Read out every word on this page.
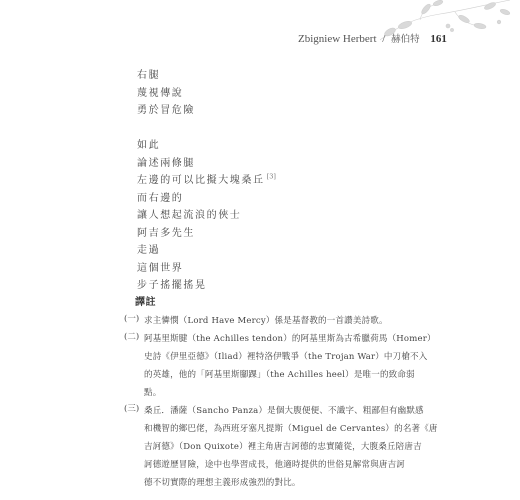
Zbigniew Herbert / 赫伯特 161
右腿
蔑視傳說
勇於冒危險
如此
論述兩條腿
左邊的可以比擬大塊桑丘 [3]
而右邊的
讓人想起流浪的俠士
阿吉多先生
走過
這個世界
步子搖擺搖晃
譯註
(一) 求主憐憫（Lord Have Mercy）係是基督教的一首讚美詩歌。
(二) 阿基里斯腱（the Achilles tendon）的阿基里斯為古希臘荷馬（Homer）
史詩《伊里亞德》（Iliad）裡特洛伊戰爭（the Trojan War）中刀槍不入
的英雄，他的「阿基里斯腳踝」（the Achilles heel）是唯一的致命弱
點。
(三) 桑丘．潘薩（Sancho Panza）是個大腹便便、不識字、粗鄙但有幽默感
和機智的鄉巴佬，為西班牙塞凡提斯（Miguel de Cervantes）的名著《唐
吉訶德》（Don Quixote）裡主角唐吉訶德的忠實隨從，大腹桑丘陪唐吉
訶德遊歷冒險，途中也學習成長，他適時提供的世俗見解常與唐吉訶
德不切實際的理想主義形成強烈的對比。
